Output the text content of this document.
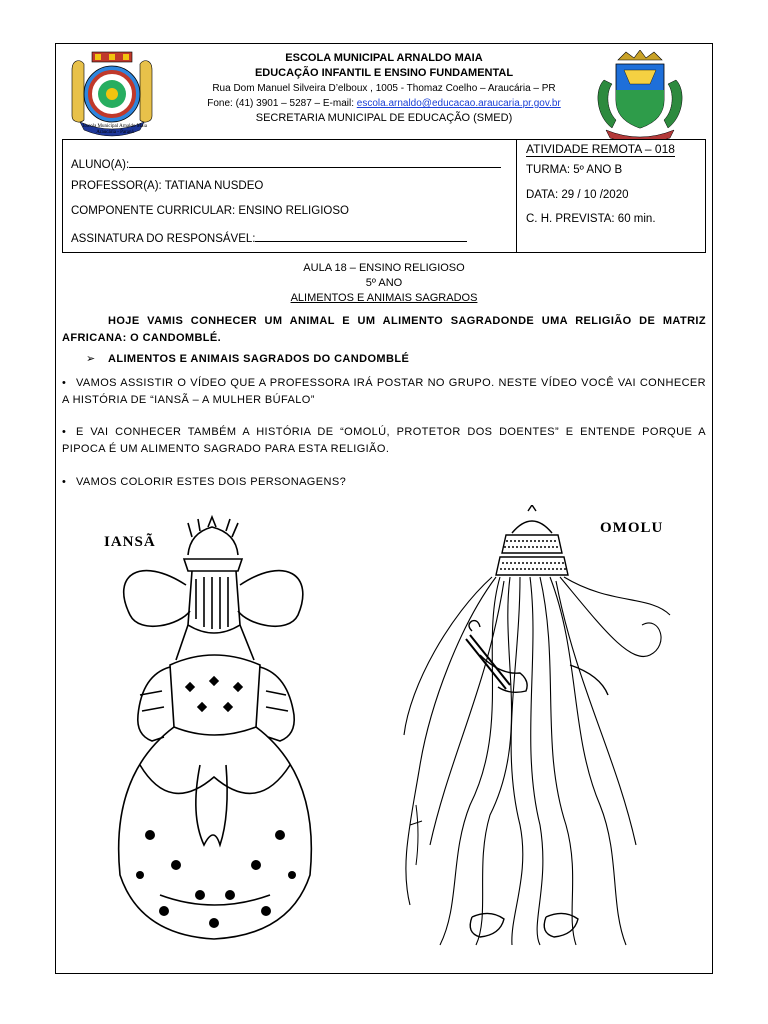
Escola Municipal Arnaldo Maia
Araucária - Paraná
ESCOLA MUNICIPAL ARNALDO MAIA
EDUCAÇÃO INFANTIL E ENSINO FUNDAMENTAL
Rua Dom Manuel Silveira D’elboux , 1005 - Thomaz Coelho – Araucária – PR
Fone: (41) 3901 – 5287 – E-mail: escola.arnaldo@educacao.araucaria.pr.gov.br
SECRETARIA MUNICIPAL DE EDUCAÇÃO (SMED)
ALUNO(A):
PROFESSOR(A): TATIANA NUSDEO
COMPONENTE CURRICULAR: ENSINO RELIGIOSO
ASSINATURA DO RESPONSÁVEL:
ATIVIDADE REMOTA – 018
TURMA: 5º ANO B
DATA: 29 / 10 /2020
C. H. PREVISTA: 60 min.
AULA 18 – ENSINO RELIGIOSO
5º ANO
ALIMENTOS E ANIMAIS SAGRADOS
HOJE VAMIS CONHECER UM ANIMAL E UM ALIMENTO SAGRADONDE UMA RELIGIÃO DE MATRIZ AFRICANA: O CANDOMBLÉ.
➢ ALIMENTOS E ANIMAIS SAGRADOS DO CANDOMBLÉ
• VAMOS ASSISTIR O VÍDEO QUE A PROFESSORA IRÁ POSTAR NO GRUPO. NESTE VÍDEO VOCÊ VAI CONHECER A HISTÓRIA DE “IANSÃ – A MULHER BÚFALO”
• E VAI CONHECER TAMBÉM A HISTÓRIA DE “OMOLÚ, PROTETOR DOS DOENTES” E ENTENDE PORQUE A PIPOCA É UM ALIMENTO SAGRADO PARA ESTA RELIGIÃO.
• VAMOS COLORIR ESTES DOIS PERSONAGENS?
IANSÃ
OMOLU
